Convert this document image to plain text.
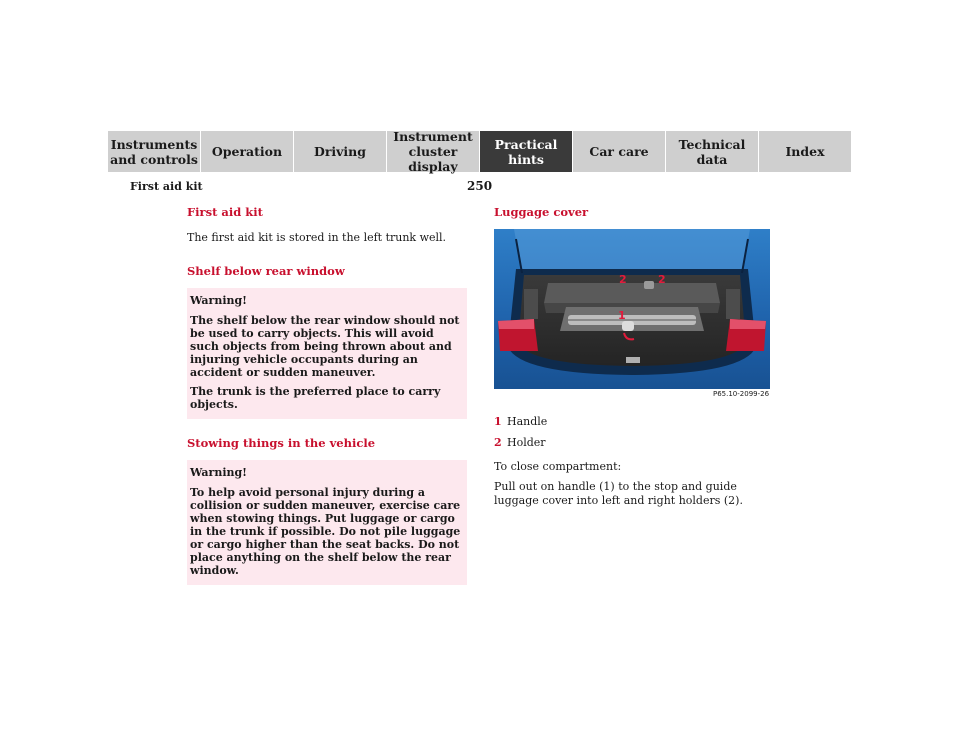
Instruments
and controls	Operation	Driving
Instrument
cluster display
Practical hints	Car care	Technical
data	Index
First aid kit	250
First aid kit

The first aid kit is stored in the left trunk well.

Shelf below rear window
Warning!
The shelf below the rear window should not be used to carry objects. This will avoid such objects from being thrown about and injuring vehicle occupants during an accident or sudden maneuver.
The trunk is the preferred place to carry objects.
Stowing things in the vehicle
Warning!
To help avoid personal injury during a collision or sudden maneuver, exercise care when stowing things. Put luggage or cargo in the trunk if possible. Do not pile luggage or cargo higher than the seat backs. Do not place anything on the shelf below the rear window.
Luggage cover
1
2	2
P65.10-2099-26
1 Handle
2 Holder

To close compartment:

Pull out on handle (1) to the stop and guide luggage cover into left and right holders (2).
